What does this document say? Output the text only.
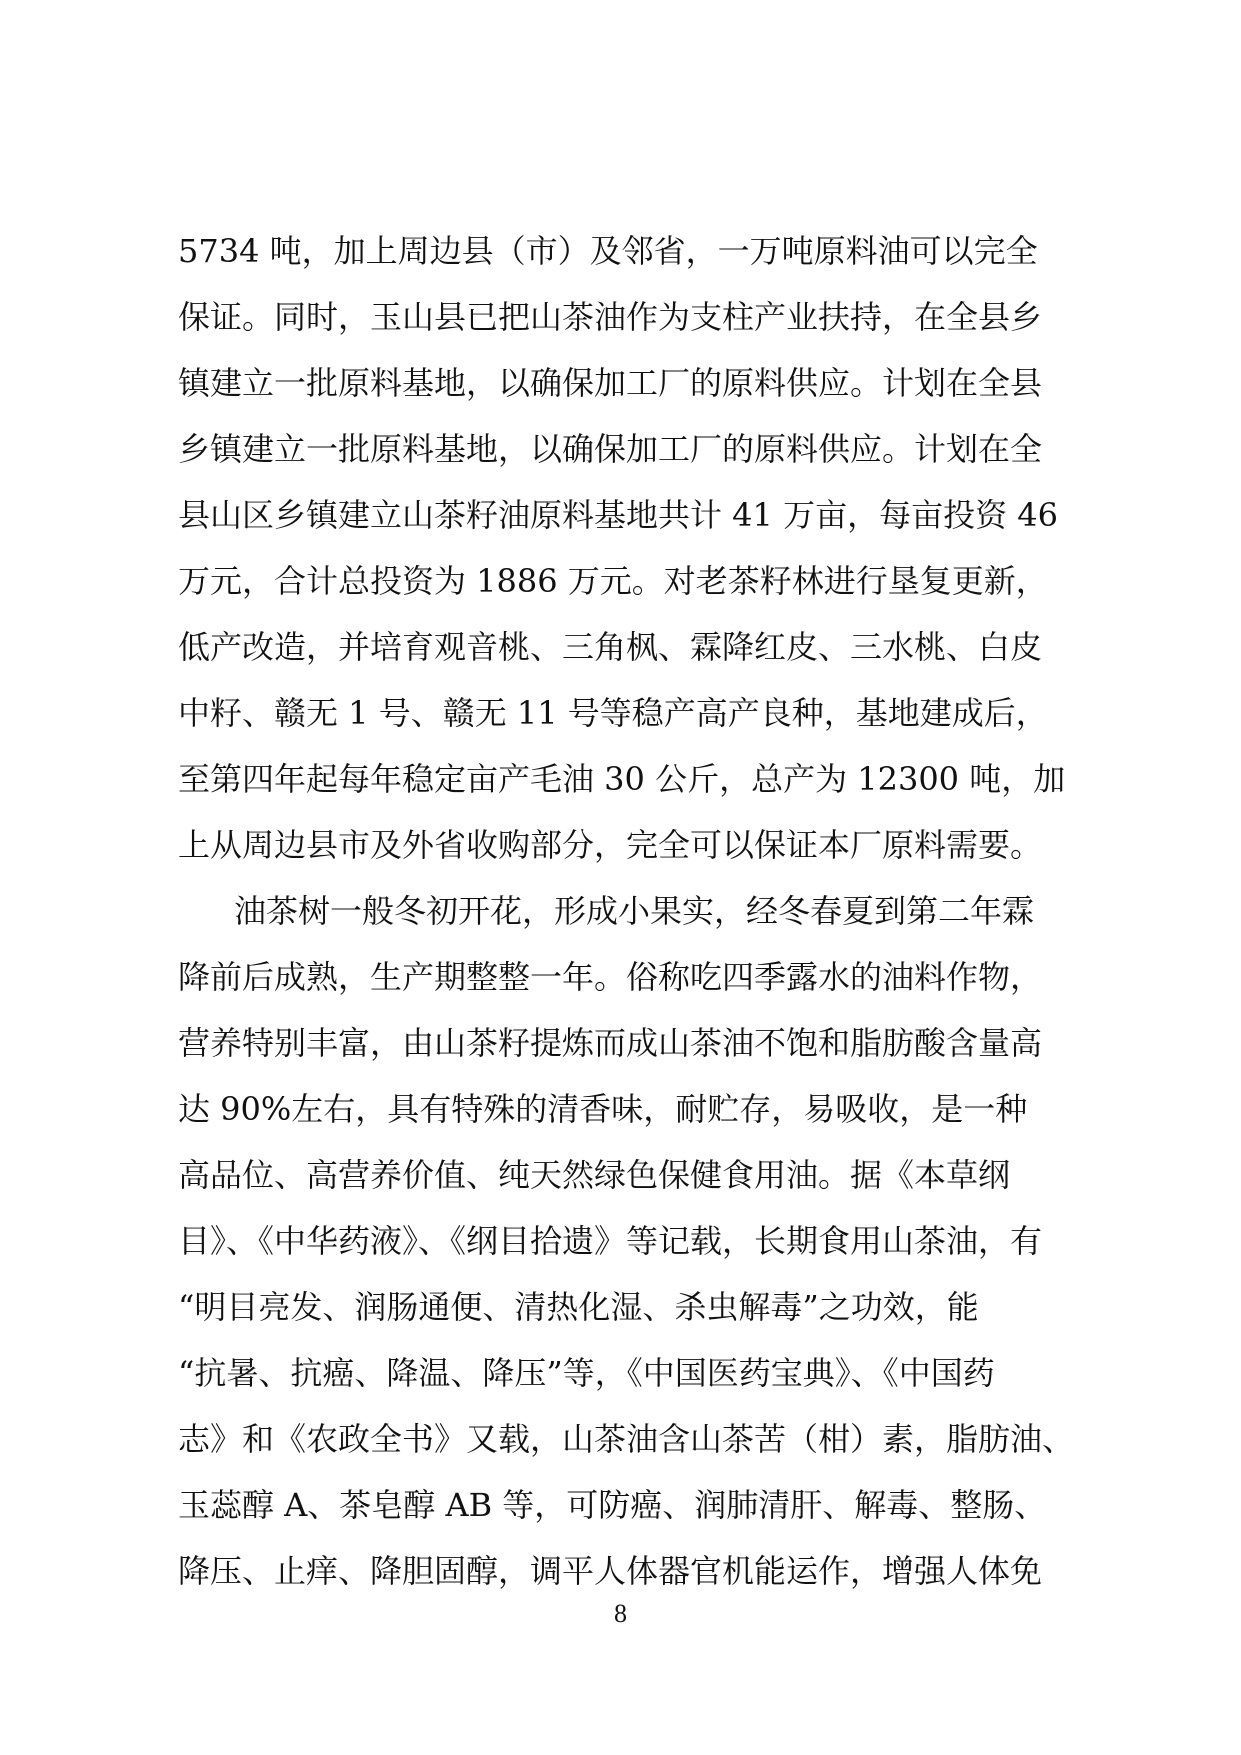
5734 吨，加上周边县（市）及邻省，一万吨原料油可以完全
保证。同时，玉山县已把山茶油作为支柱产业扶持，在全县乡
镇建立一批原料基地，以确保加工厂的原料供应。计划在全县
乡镇建立一批原料基地，以确保加工厂的原料供应。计划在全
县山区乡镇建立山茶籽油原料基地共计 41 万亩，每亩投资 46
万元，合计总投资为 1886 万元。对老茶籽林进行垦复更新，
低产改造，并培育观音桃、三角枫、霖降红皮、三水桃、白皮
中籽、赣无 1 号、赣无 11 号等稳产高产良种，基地建成后，
至第四年起每年稳定亩产毛油 30 公斤，总产为 12300 吨，加
上从周边县市及外省收购部分，完全可以保证本厂原料需要。
油茶树一般冬初开花，形成小果实，经冬春夏到第二年霖
降前后成熟，生产期整整一年。俗称吃四季露水的油料作物，
营养特别丰富，由山茶籽提炼而成山茶油不饱和脂肪酸含量高
达 90%左右，具有特殊的清香味，耐贮存，易吸收，是一种
高品位、高营养价值、纯天然绿色保健食用油。据《本草纲
目》、《中华药液》、《纲目拾遗》等记载，长期食用山茶油，有
“明目亮发、润肠通便、清热化湿、杀虫解毒”之功效，能
“抗暑、抗癌、降温、降压”等，《中国医药宝典》、《中国药
志》和《农政全书》又载，山茶油含山茶苦（柑）素，脂肪油、
玉蕊醇 A、茶皂醇 AB 等，可防癌、润肺清肝、解毒、整肠、
降压、止痒、降胆固醇，调平人体器官机能运作，增强人体免
8
